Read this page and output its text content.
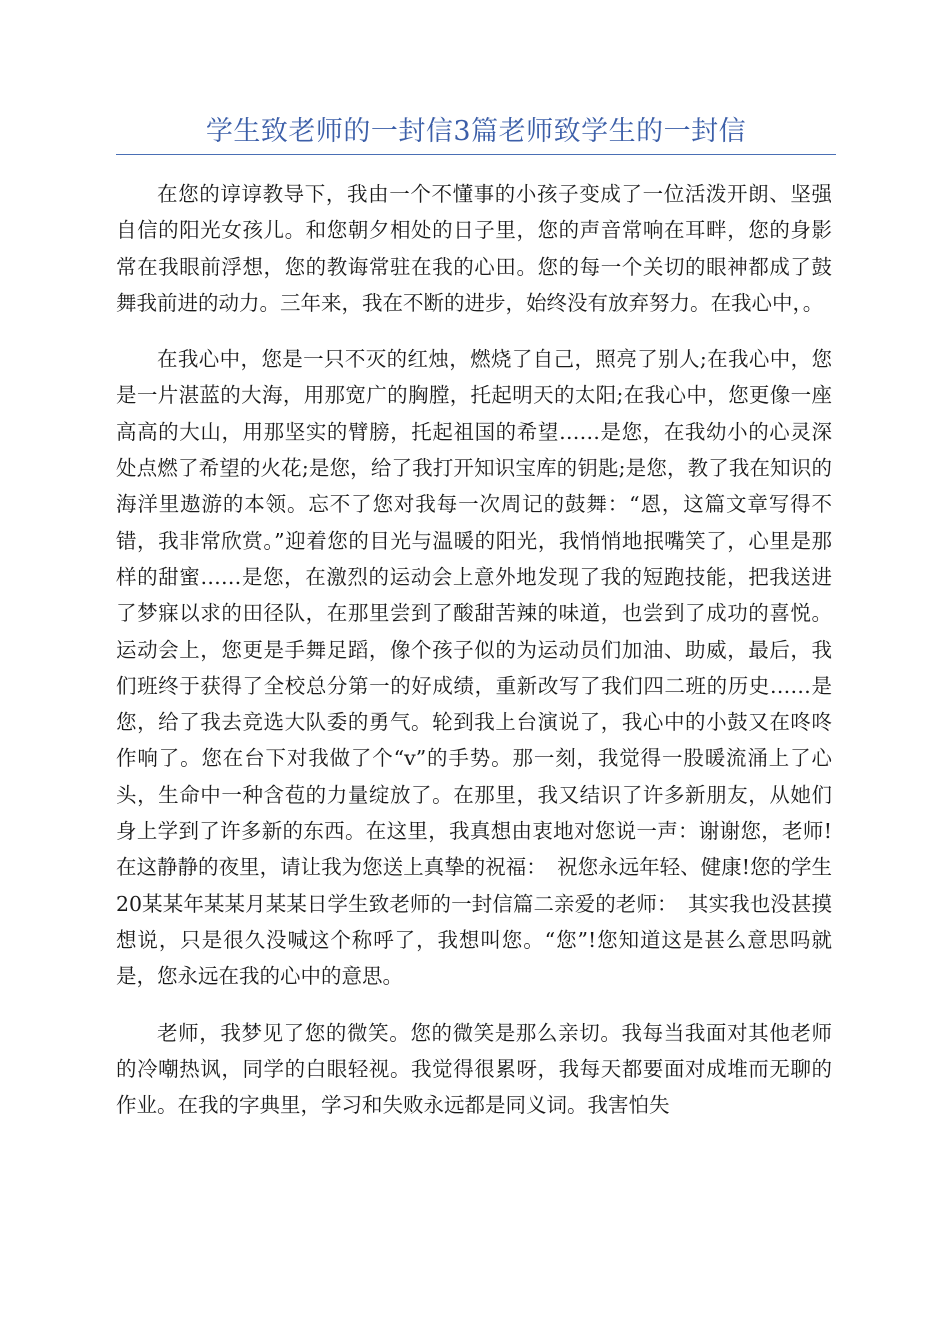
学生致老师的一封信3篇老师致学生的一封信

在您的谆谆教导下，我由一个不懂事的小孩子变成了一位活泼开朗、坚强自信的阳光女孩儿。和您朝夕相处的日子里，您的声音常响在耳畔，您的身影常在我眼前浮想，您的教诲常驻在我的心田。您的每一个关切的眼神都成了鼓舞我前进的动力。三年来，我在不断的进步，始终没有放弃努力。在我心中，。

在我心中，您是一只不灭的红烛，燃烧了自己，照亮了别人;在我心中，您是一片湛蓝的大海，用那宽广的胸膛，托起明天的太阳;在我心中，您更像一座高高的大山，用那坚实的臂膀，托起祖国的希望……是您，在我幼小的心灵深处点燃了希望的火花;是您，给了我打开知识宝库的钥匙;是您，教了我在知识的海洋里遨游的本领。忘不了您对我每一次周记的鼓舞：“恩，这篇文章写得不错，我非常欣赏。”迎着您的目光与温暖的阳光，我悄悄地抿嘴笑了，心里是那样的甜蜜……是您，在激烈的运动会上意外地发现了我的短跑技能，把我送进了梦寐以求的田径队，在那里尝到了酸甜苦辣的味道，也尝到了成功的喜悦。运动会上，您更是手舞足蹈，像个孩子似的为运动员们加油、助威，最后，我们班终于获得了全校总分第一的好成绩，重新改写了我们四二班的历史……是您，给了我去竞选大队委的勇气。轮到我上台演说了，我心中的小鼓又在咚咚作响了。您在台下对我做了个“v”的手势。那一刻，我觉得一股暖流涌上了心头，生命中一种含苞的力量绽放了。在那里，我又结识了许多新朋友，从她们身上学到了许多新的东西。在这里，我真想由衷地对您说一声：谢谢您，老师!在这静静的夜里，请让我为您送上真挚的祝福：　祝您永远年轻、健康!您的学生20某某年某某月某某日学生致老师的一封信篇二亲爱的老师：　其实我也没甚摸想说，只是很久没喊这个称呼了，我想叫您。“您”!您知道这是甚么意思吗就是，您永远在我的心中的意思。

老师，我梦见了您的微笑。您的微笑是那么亲切。我每当我面对其他老师的冷嘲热讽，同学的白眼轻视。我觉得很累呀，我每天都要面对成堆而无聊的作业。在我的字典里，学习和失败永远都是同义词。我害怕失
